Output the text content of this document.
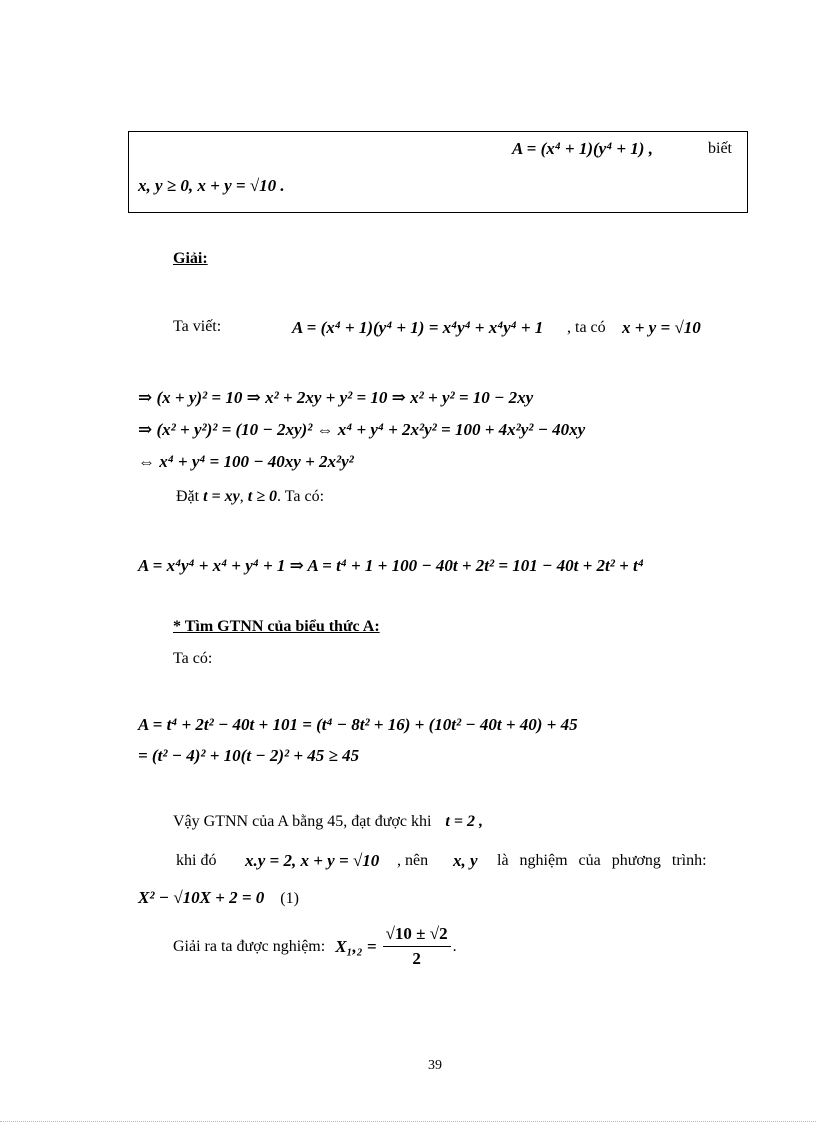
A = (x⁴ + 1)(y⁴ + 1) ,	biết
x, y ≥ 0, x + y = √10 .
Giải:
Ta viết:	A = (x⁴ + 1)(y⁴ + 1) = x⁴y⁴ + x⁴y⁴ + 1 , ta có x + y = √10
⇒ (x + y)² = 10 ⇒ x² + 2xy + y² = 10 ⇒ x² + y² = 10 − 2xy
⇒ (x² + y²)² = (10 − 2xy)² ⇔ x⁴ + y⁴ + 2x²y² = 100 + 4x²y² − 40xy
⇔ x⁴ + y⁴ = 100 − 40xy + 2x²y²
Đặt t = xy, t ≥ 0. Ta có:
A = x⁴y⁴ + x⁴ + y⁴ + 1 ⇒ A = t⁴ + 1 + 100 − 40t + 2t² = 101 − 40t + 2t² + t⁴
* Tìm GTNN của biểu thức A:
Ta có:
A = t⁴ + 2t² − 40t + 101 = (t⁴ − 8t² + 16) + (10t² − 40t + 40) + 45
= (t² − 4)² + 10(t − 2)² + 45 ≥ 45
Vậy GTNN của A bằng 45, đạt được khi t = 2 ,
khi đó x.y = 2, x + y = √10 , nên x, y là nghiệm của phương trình:
X² − √10X + 2 = 0 (1)
Giải ra ta được nghiệm: $X_1,_2 = \frac{√10 \pm √2}{2}$ .
39
